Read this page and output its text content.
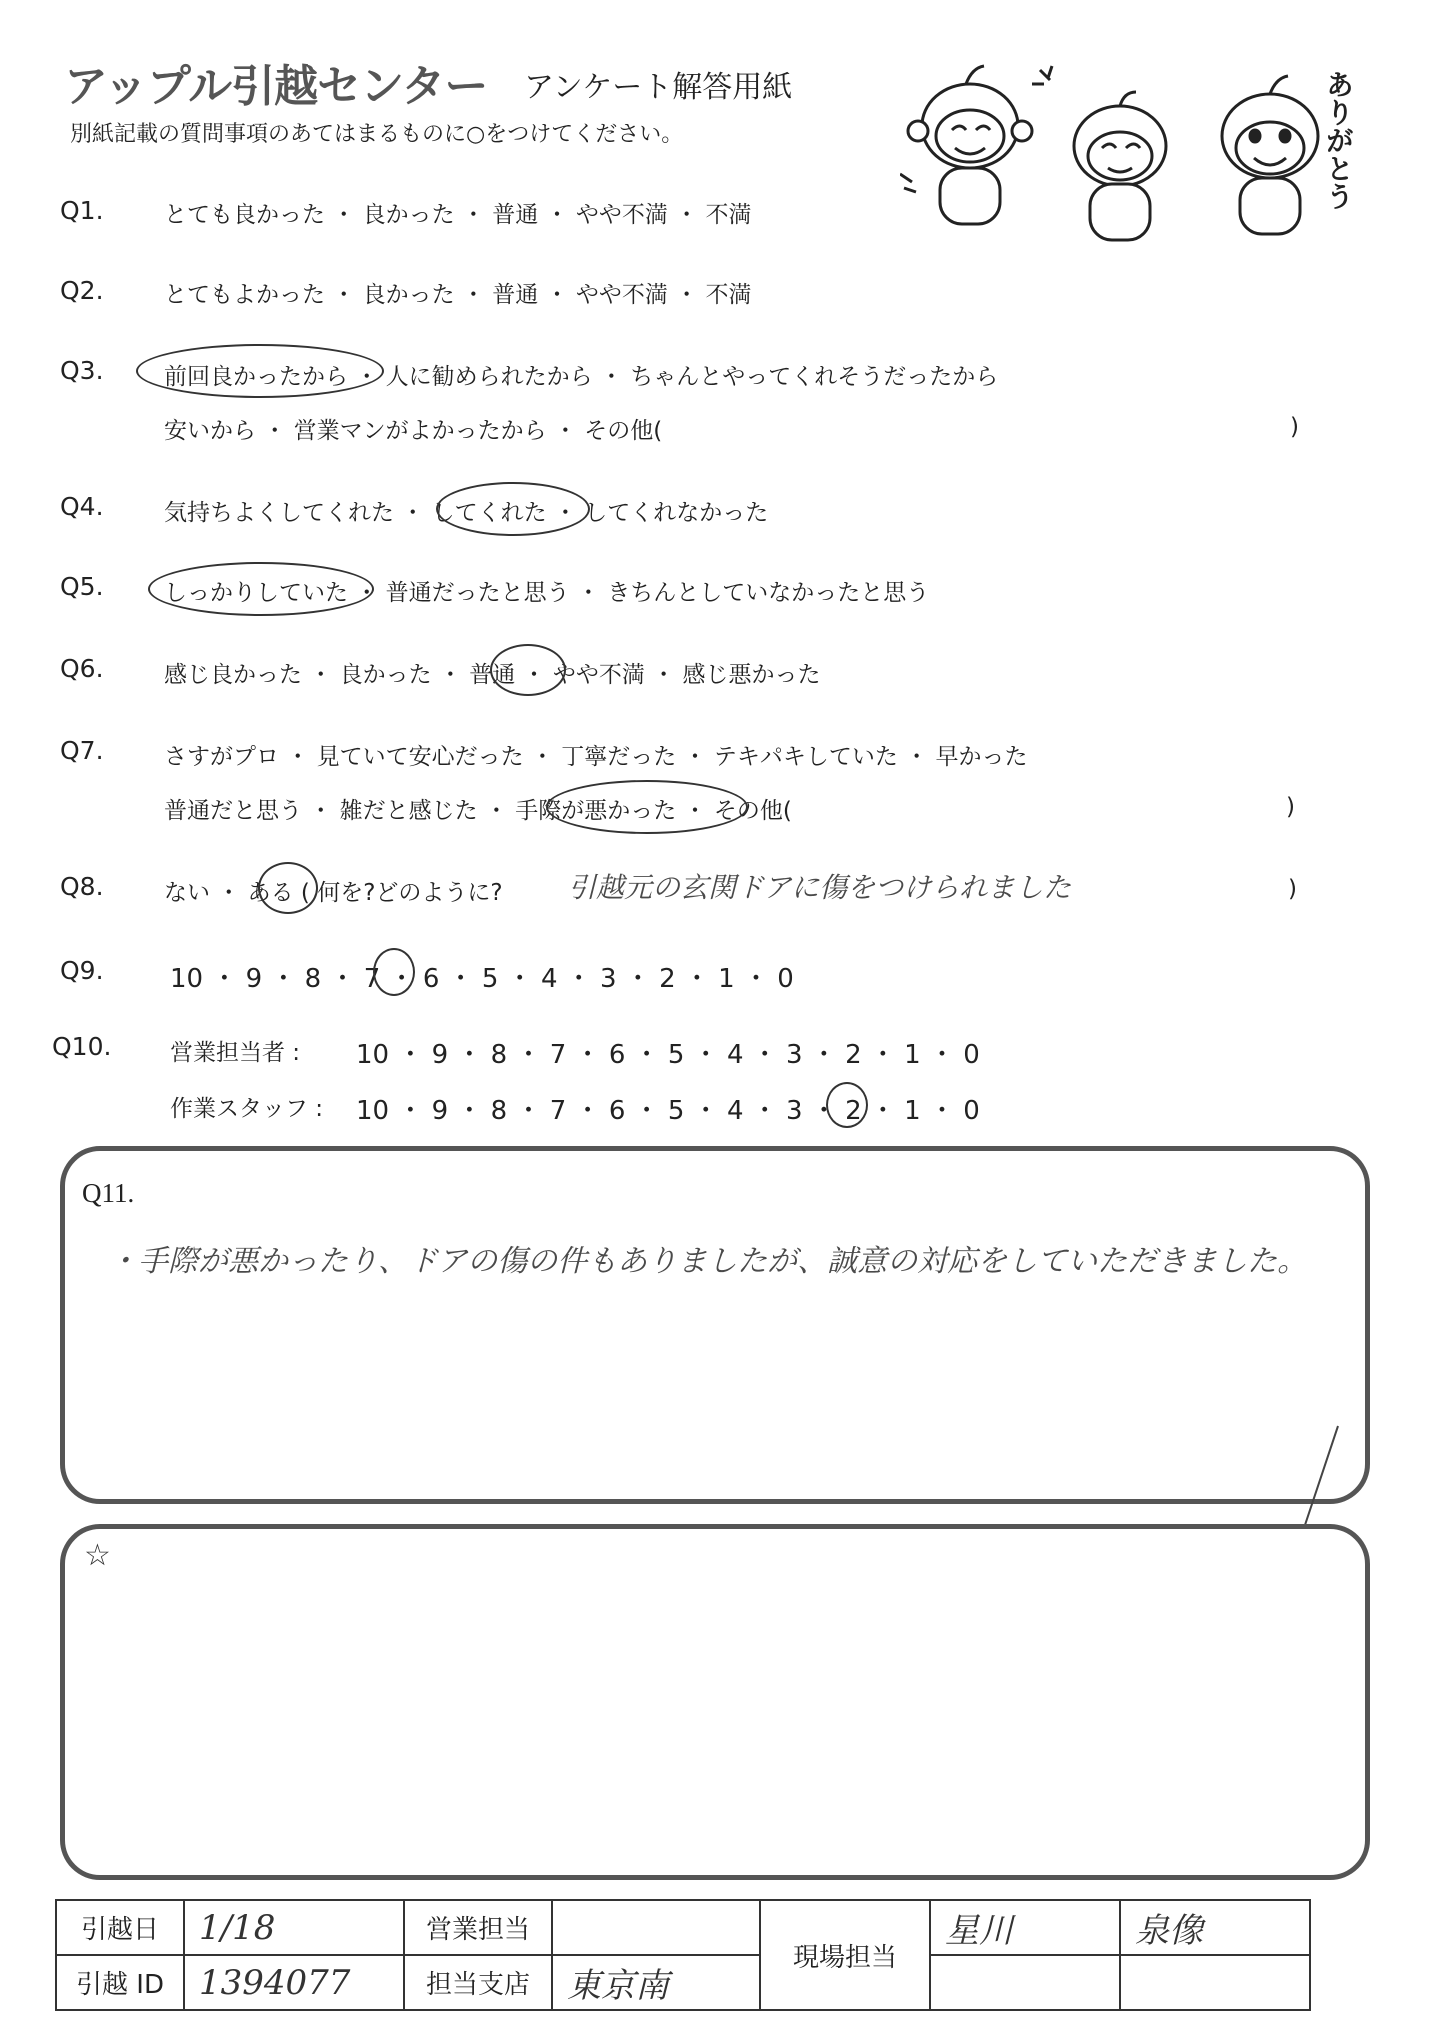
アップル引越センター アンケート解答用紙
別紙記載の質問事項のあてはまるものに○をつけてください。	ありがとう
Q1.	とても良かった ・ 良かった ・ 普通 ・ やや不満 ・ 不満
Q2.	とてもよかった ・ 良かった ・ 普通 ・ やや不満 ・ 不満
Q3.	前回良かったから ・ 人に勧められたから ・ ちゃんとやってくれそうだったから
安いから ・ 営業マンがよかったから ・ その他(	)
Q4.	気持ちよくしてくれた ・ してくれた ・ してくれなかった
Q5.	しっかりしていた ・ 普通だったと思う ・ きちんとしていなかったと思う
Q6.	感じ良かった ・ 良かった ・ 普通 ・ やや不満 ・ 感じ悪かった
Q7.	さすがプロ ・ 見ていて安心だった ・ 丁寧だった ・ テキパキしていた ・ 早かった
普通だと思う ・ 雑だと感じた ・ 手際が悪かった ・ その他(	)
Q8.	ない ・ ある ( 何を?どのように? 引越元の玄関ドアに傷をつけられました	)
Q9.	10 ・ 9 ・ 8 ・ 7 ・ 6 ・ 5 ・ 4 ・ 3 ・ 2 ・ 1 ・ 0
Q10.	営業担当者 : 10 ・ 9 ・ 8 ・ 7 ・ 6 ・ 5 ・ 4 ・ 3 ・ 2 ・ 1 ・ 0
作業スタッフ : 10 ・ 9 ・ 8 ・ 7 ・ 6 ・ 5 ・ 4 ・ 3 ・ 2 ・ 1 ・ 0
Q11.
・手際が悪かったり、ドアの傷の件もありましたが、誠意の対応をしていただきました。
☆
引越日	1/18	営業担当		現場担当	星川	泉像
引越 ID	1394077	担当支店	東京南			
